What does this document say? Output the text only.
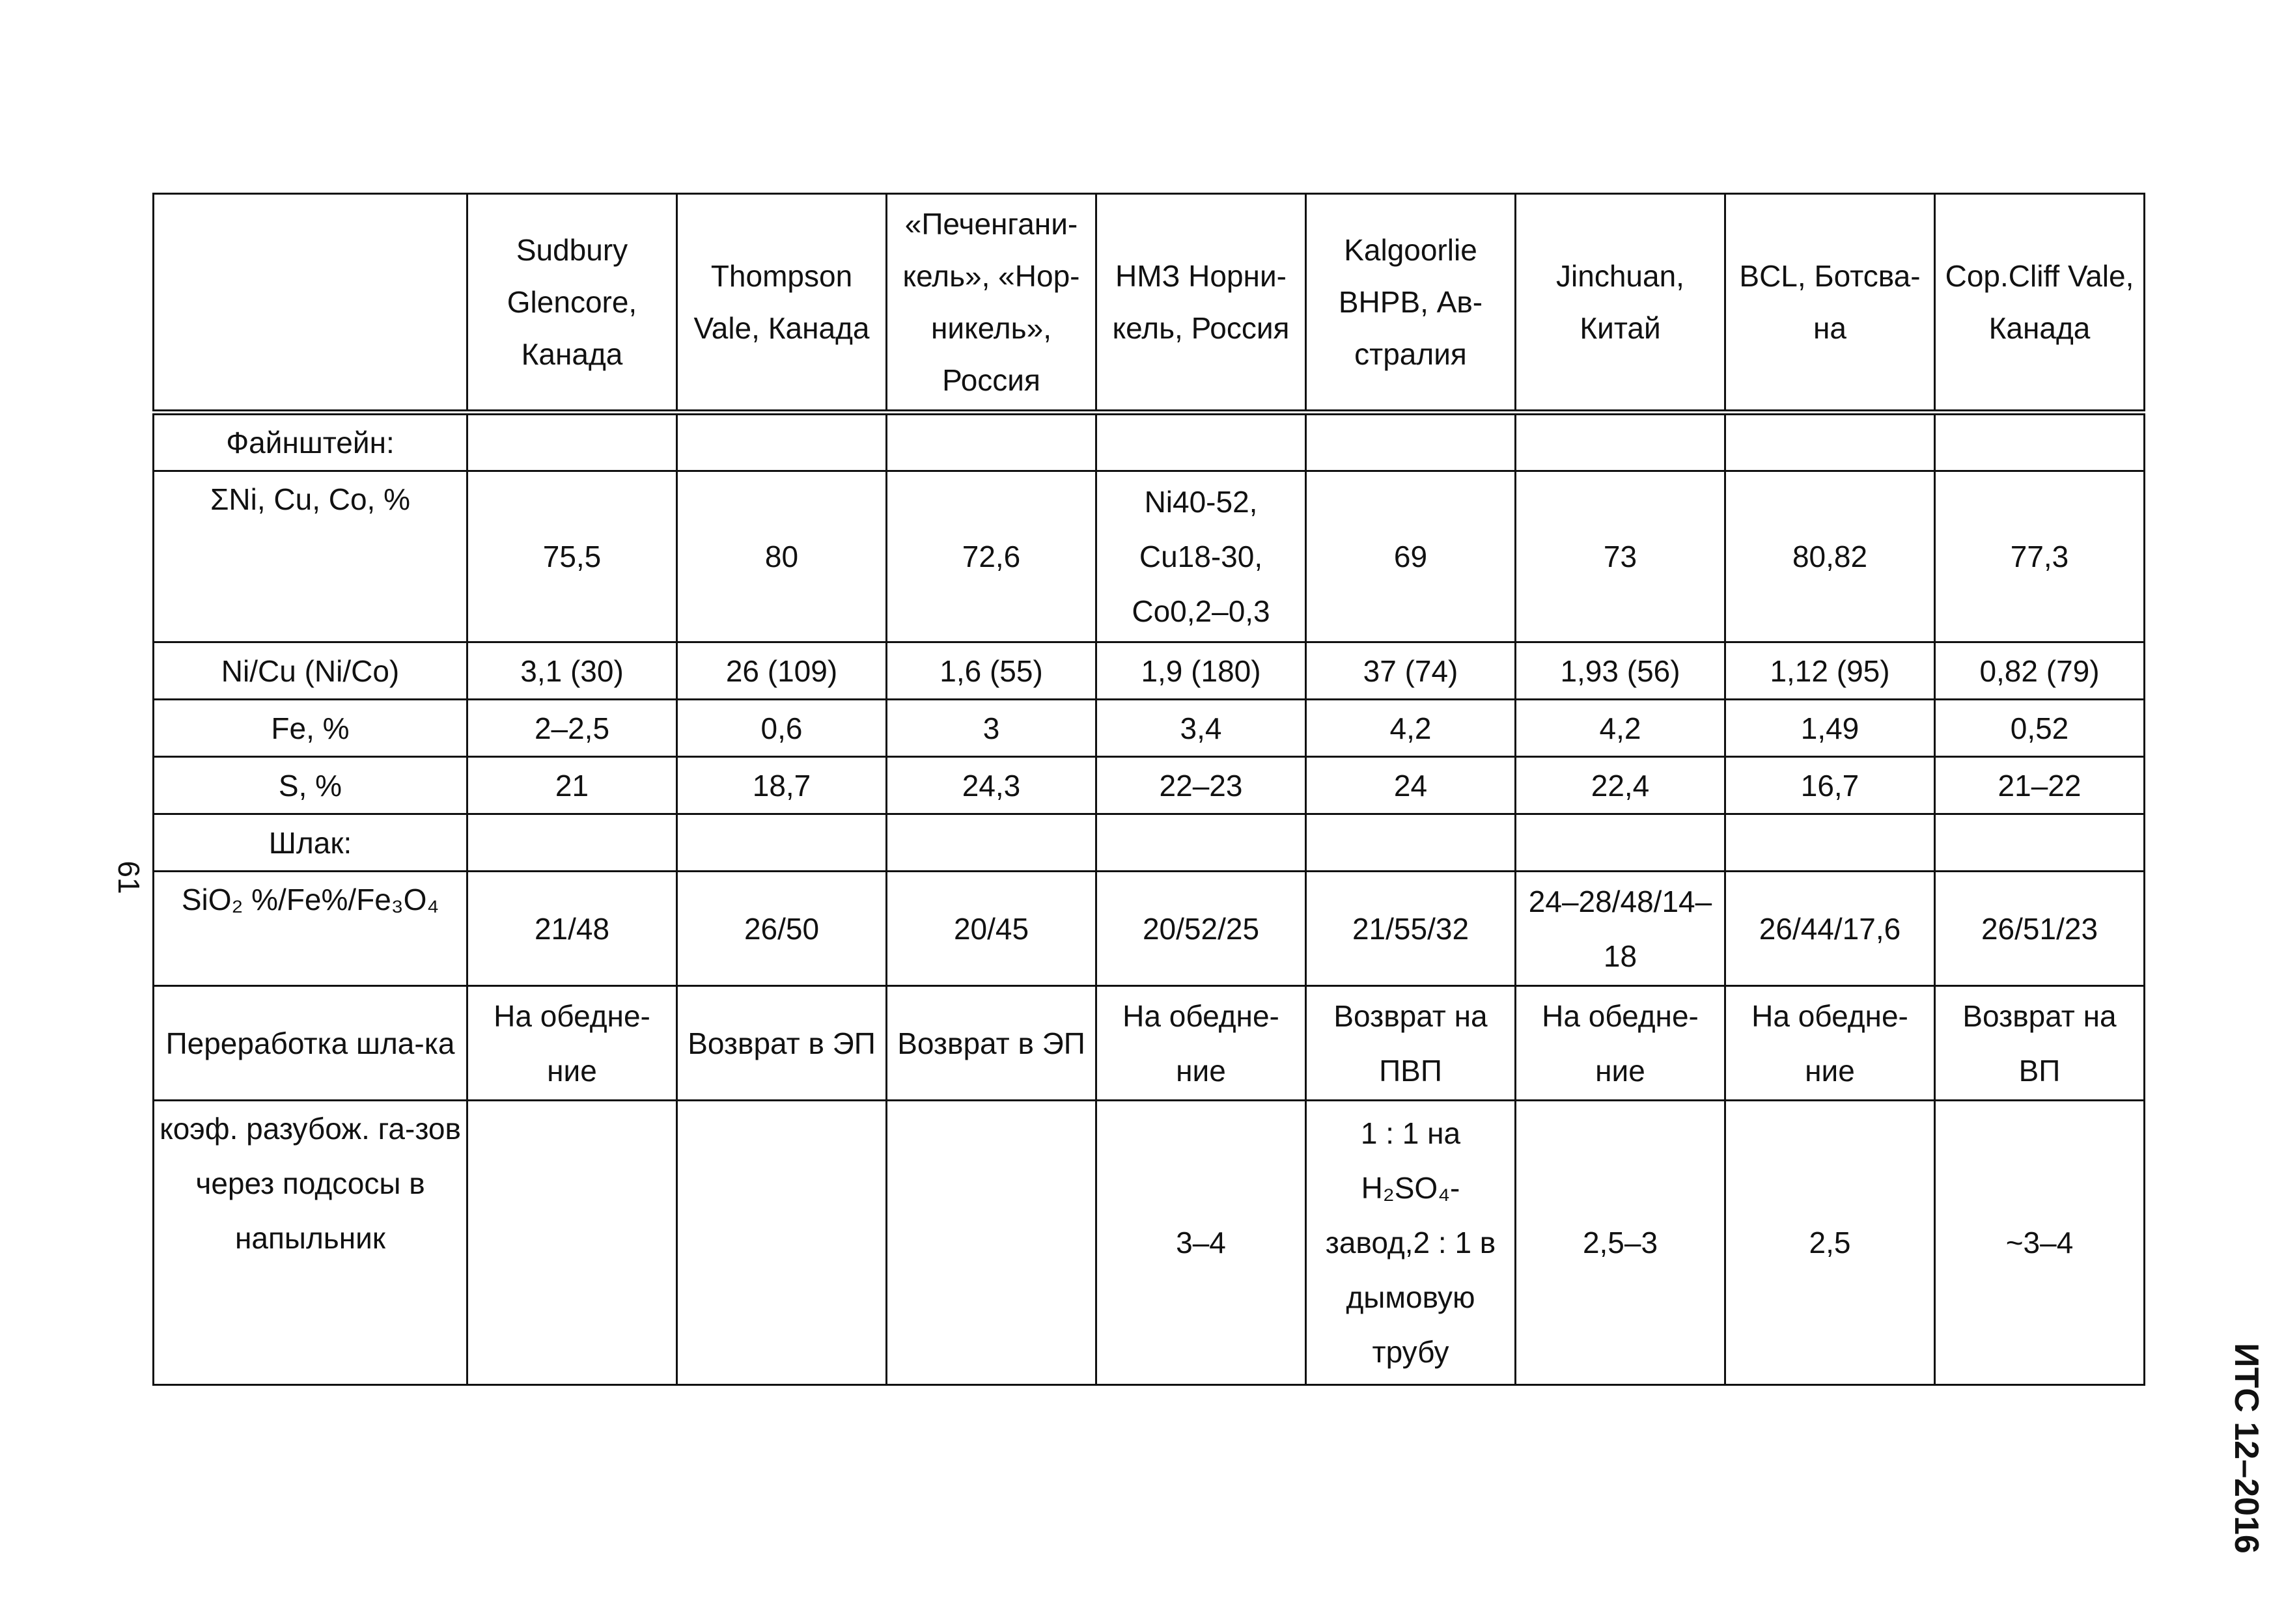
61
	Sudbury Glencore, Канада	Thompson Vale, Канада	«Печенгани-кель», «Нор-никель», Россия	НМЗ Норни-кель, Россия	Kalgoorlie BHPB, Ав-стралия	Jinchuan, Китай	BCL, Ботсва-на	Cop.Cliff Vale, Канада
Файнштейн:								
ΣNi, Cu, Co, %	75,5	80	72,6	Ni40-52, Cu18-30, Co0,2–0,3	69	73	80,82	77,3
Ni/Cu (Ni/Co)	3,1 (30)	26 (109)	1,6 (55)	1,9 (180)	37 (74)	1,93 (56)	1,12 (95)	0,82 (79)
Fe, %	2–2,5	0,6	3	3,4	4,2	4,2	1,49	0,52
S, %	21	18,7	24,3	22–23	24	22,4	16,7	21–22
Шлак:								
SiO₂ %/Fe%/Fe₃O₄	21/48	26/50	20/45	20/52/25	21/55/32	24–28/48/14–18	26/44/17,6	26/51/23
Переработка шла-ка	На обедне-ние	Возврат в ЭП	Возврат в ЭП	На обедне-ние	Возврат на ПВП	На обедне-ние	На обедне-ние	Возврат на ВП
коэф. разубож. га-зов через подсосы в напыльник				3–4	1 : 1 на H₂SO₄-завод,2 : 1 в дымовую трубу	2,5–3	2,5	~3–4
ИТС 12–2016
